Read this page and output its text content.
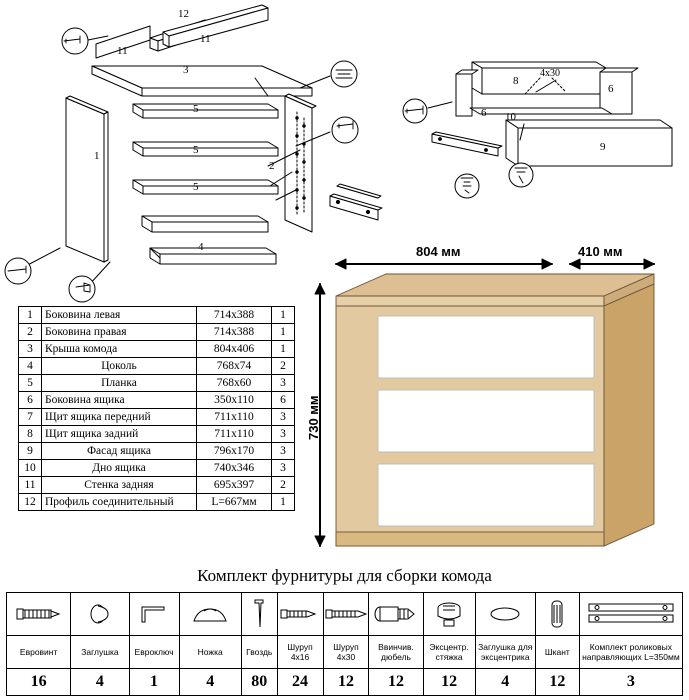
12
11
11
3
5
5
5
1
2
4
8
4х30
6
6
10
9
804 мм	410 мм
730 мм
1	Боковина левая	714x388	1
2	Боковина правая	714x388	1
3	Крыша комода	804x406	1
4	Цоколь	768х74	2
5	Планка	768х60	3
6	Боковина ящика	350х110	6
7	Щит ящика передний	711х110	3
8	Щит ящика задний	711х110	3
9	Фасад ящика	796х170	3
10	Дно ящика	740х346	3
11	Стенка задняя	695х397	2
12	Профиль соединительный	L=667мм	1
Комплект фурнитуры для сборки комода

Евровинт	Заглушка	Евроключ	Ножка	Гвоздь	Шуруп 4х16	Шуруп 4х30	Ввинчив. дюбель	Эксцентр. стяжка	Заглушка для эксцентрика	Шкант	Комплект роликовых направляющих L=350мм
16	4	1	4	80	24	12	12	12	4	12	3
